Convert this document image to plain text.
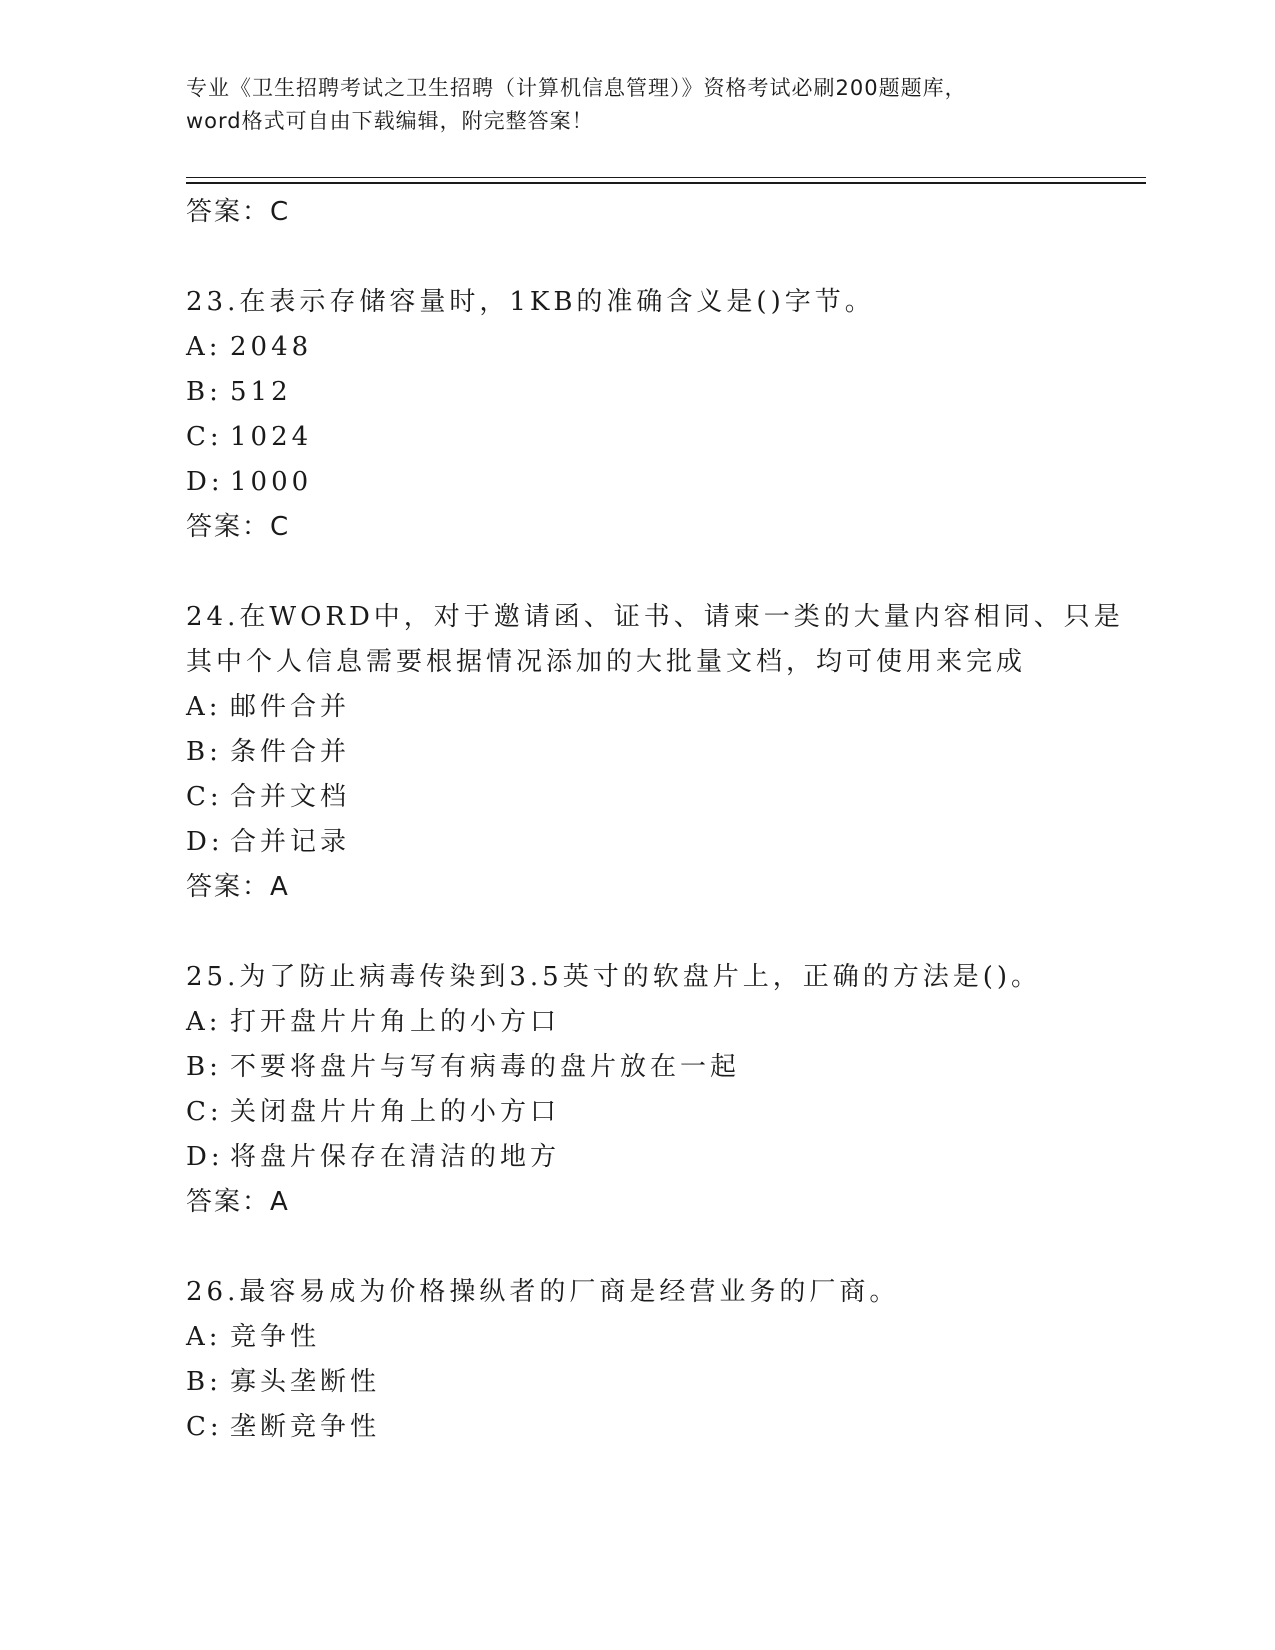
专业《卫生招聘考试之卫生招聘（计算机信息管理）》资格考试必刷200题题库，
word格式可自由下载编辑，附完整答案！
答案：C
23.在表示存储容量时，1KB的准确含义是()字节。
A: 2048
B: 512
C: 1024
D: 1000
答案：C
24.在WORD中，对于邀请函、证书、请柬一类的大量内容相同、只是
其中个人信息需要根据情况添加的大批量文档，均可使用来完成
A: 邮件合并
B: 条件合并
C: 合并文档
D: 合并记录
答案：A
25.为了防止病毒传染到3.5英寸的软盘片上，正确的方法是()。
A: 打开盘片片角上的小方口
B: 不要将盘片与写有病毒的盘片放在一起
C: 关闭盘片片角上的小方口
D: 将盘片保存在清洁的地方
答案：A
26.最容易成为价格操纵者的厂商是经营业务的厂商。
A: 竞争性
B: 寡头垄断性
C: 垄断竞争性
